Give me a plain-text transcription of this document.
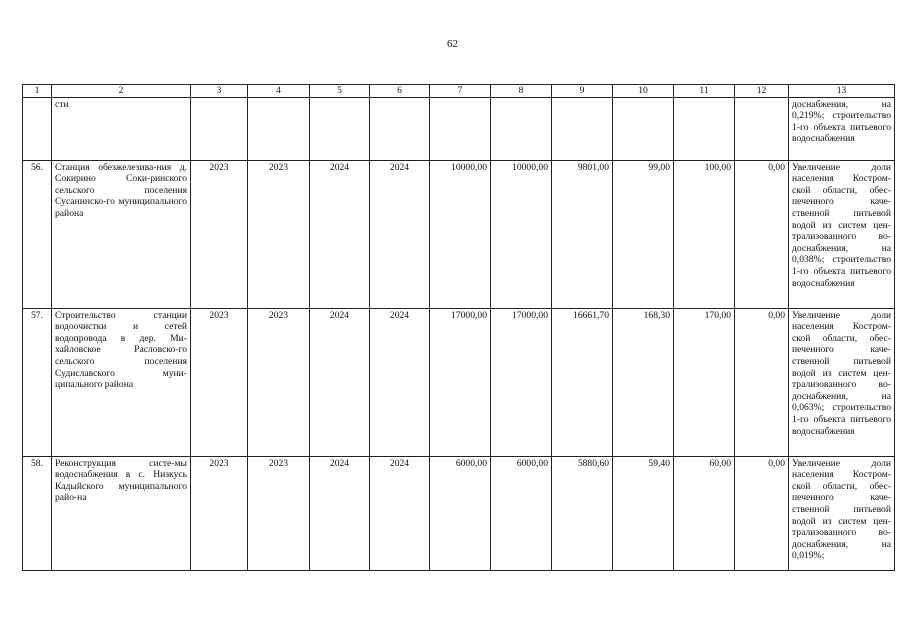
62
1	2	3	4	5	6	7	8	9	10	11	12	13
	сти											доснабжения, на 0,219%; строительство 1-го объекта питьевого водоснабжения
56.	Станция обезжелезива-ния д. Сокирино Соки-ринского сельского поселения Сусанинско-го муниципального района	2023	2023	2024	2024	10000,00	10000,00	9801,00	99,00	100,00	0,00	Увеличение доли населения Костром-ской области, обес-печенного каче-ственной питьевой водой из систем цен-трализованного во-доснабжения, на 0,038%; строительство 1-го объекта питьевого водоснабжения
57.	Строительство станции водоочистки и сетей водопровода в дер. Ми-хайловское Расловско-го сельского поселения Судиславского муни-ципального района	2023	2023	2024	2024	17000,00	17000,00	16661,70	168,30	170,00	0,00	Увеличение доли населения Костром-ской области, обес-печенного каче-ственной питьевой водой из систем цен-трализованного во-доснабжения, на 0,063%; строительство 1-го объекта питьевого водоснабжения
58.	Реконструкция систе-мы водоснабжения в с. Низкусь Кадыйского муниципального райо-на	2023	2023	2024	2024	6000,00	6000,00	5880,60	59,40	60,00	0,00	Увеличение доли населения Костром-ской области, обес-печенного каче-ственной питьевой водой из систем цен-трализованного во-доснабжения, на 0,019%;
